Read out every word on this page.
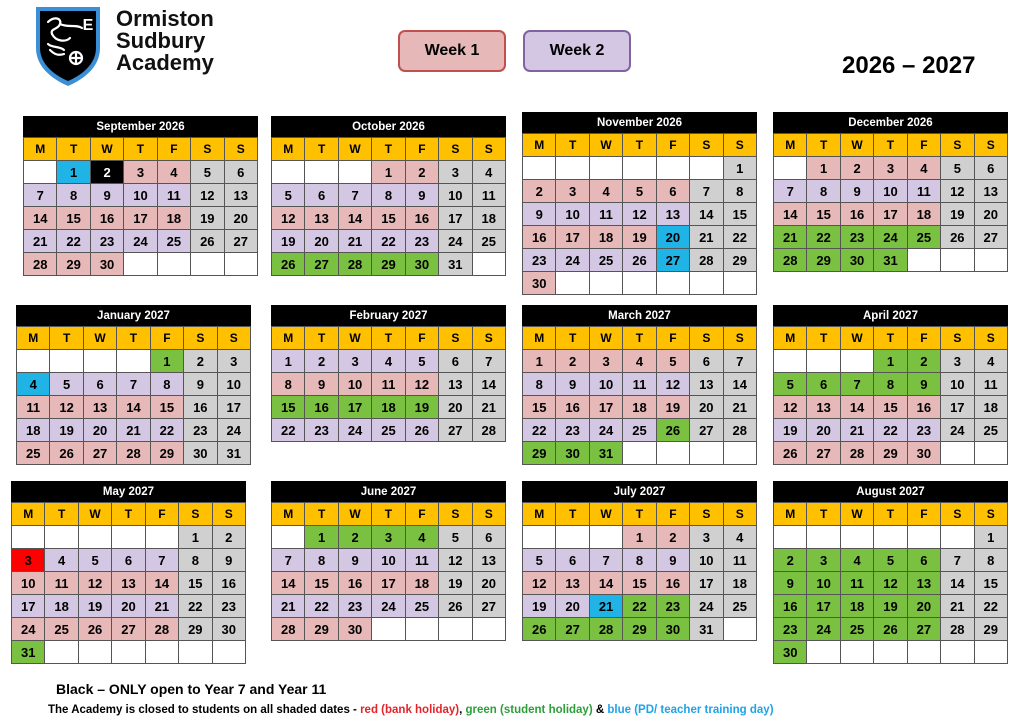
E Ormiston
Sudbury
Academy	Week 1	Week 2
2026 – 2027
September 2026
M	T	W	T	F	S	S
	1	2	3	4	5	6
7	8	9	10	11	12	13
14	15	16	17	18	19	20
21	22	23	24	25	26	27
28	29	30				
October 2026
M	T	W	T	F	S	S
			1	2	3	4
5	6	7	8	9	10	11
12	13	14	15	16	17	18
19	20	21	22	23	24	25
26	27	28	29	30	31	
November 2026
M	T	W	T	F	S	S
						1
2	3	4	5	6	7	8
9	10	11	12	13	14	15
16	17	18	19	20	21	22
23	24	25	26	27	28	29
30						
December 2026
M	T	W	T	F	S	S
	1	2	3	4	5	6
7	8	9	10	11	12	13
14	15	16	17	18	19	20
21	22	23	24	25	26	27
28	29	30	31			
January 2027
M	T	W	T	F	S	S
				1	2	3
4	5	6	7	8	9	10
11	12	13	14	15	16	17
18	19	20	21	22	23	24
25	26	27	28	29	30	31
February 2027
M	T	W	T	F	S	S
1	2	3	4	5	6	7
8	9	10	11	12	13	14
15	16	17	18	19	20	21
22	23	24	25	26	27	28
March 2027
M	T	W	T	F	S	S
1	2	3	4	5	6	7
8	9	10	11	12	13	14
15	16	17	18	19	20	21
22	23	24	25	26	27	28
29	30	31				
April 2027
M	T	W	T	F	S	S
			1	2	3	4
5	6	7	8	9	10	11
12	13	14	15	16	17	18
19	20	21	22	23	24	25
26	27	28	29	30		
May 2027
M	T	W	T	F	S	S
					1	2
3	4	5	6	7	8	9
10	11	12	13	14	15	16
17	18	19	20	21	22	23
24	25	26	27	28	29	30
31						
June 2027
M	T	W	T	F	S	S
	1	2	3	4	5	6
7	8	9	10	11	12	13
14	15	16	17	18	19	20
21	22	23	24	25	26	27
28	29	30				
July 2027
M	T	W	T	F	S	S
			1	2	3	4
5	6	7	8	9	10	11
12	13	14	15	16	17	18
19	20	21	22	23	24	25
26	27	28	29	30	31	
August 2027
M	T	W	T	F	S	S
						1
2	3	4	5	6	7	8
9	10	11	12	13	14	15
16	17	18	19	20	21	22
23	24	25	26	27	28	29
30						
Black – ONLY open to Year 7 and Year 11
The Academy is closed to students on all shaded dates - red (bank holiday), green (student holiday) & blue (PD/ teacher training day)
